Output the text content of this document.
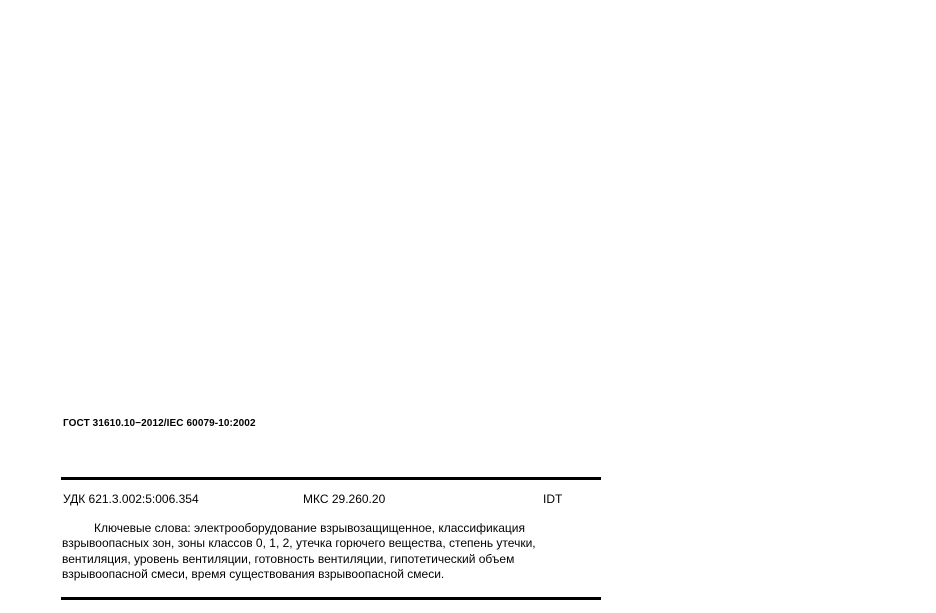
ГОСТ 31610.10−2012/IEC 60079-10:2002
УДК 621.3.002:5:006.354	МКС 29.260.20	IDT
Ключевые слова: электрооборудование взрывозащищенное, классификация
взрывоопасных зон, зоны классов 0, 1, 2, утечка горючего вещества, степень утечки,
вентиляция, уровень вентиляции, готовность вентиляции, гипотетический объем
взрывоопасной смеси, время существования взрывоопасной смеси.
